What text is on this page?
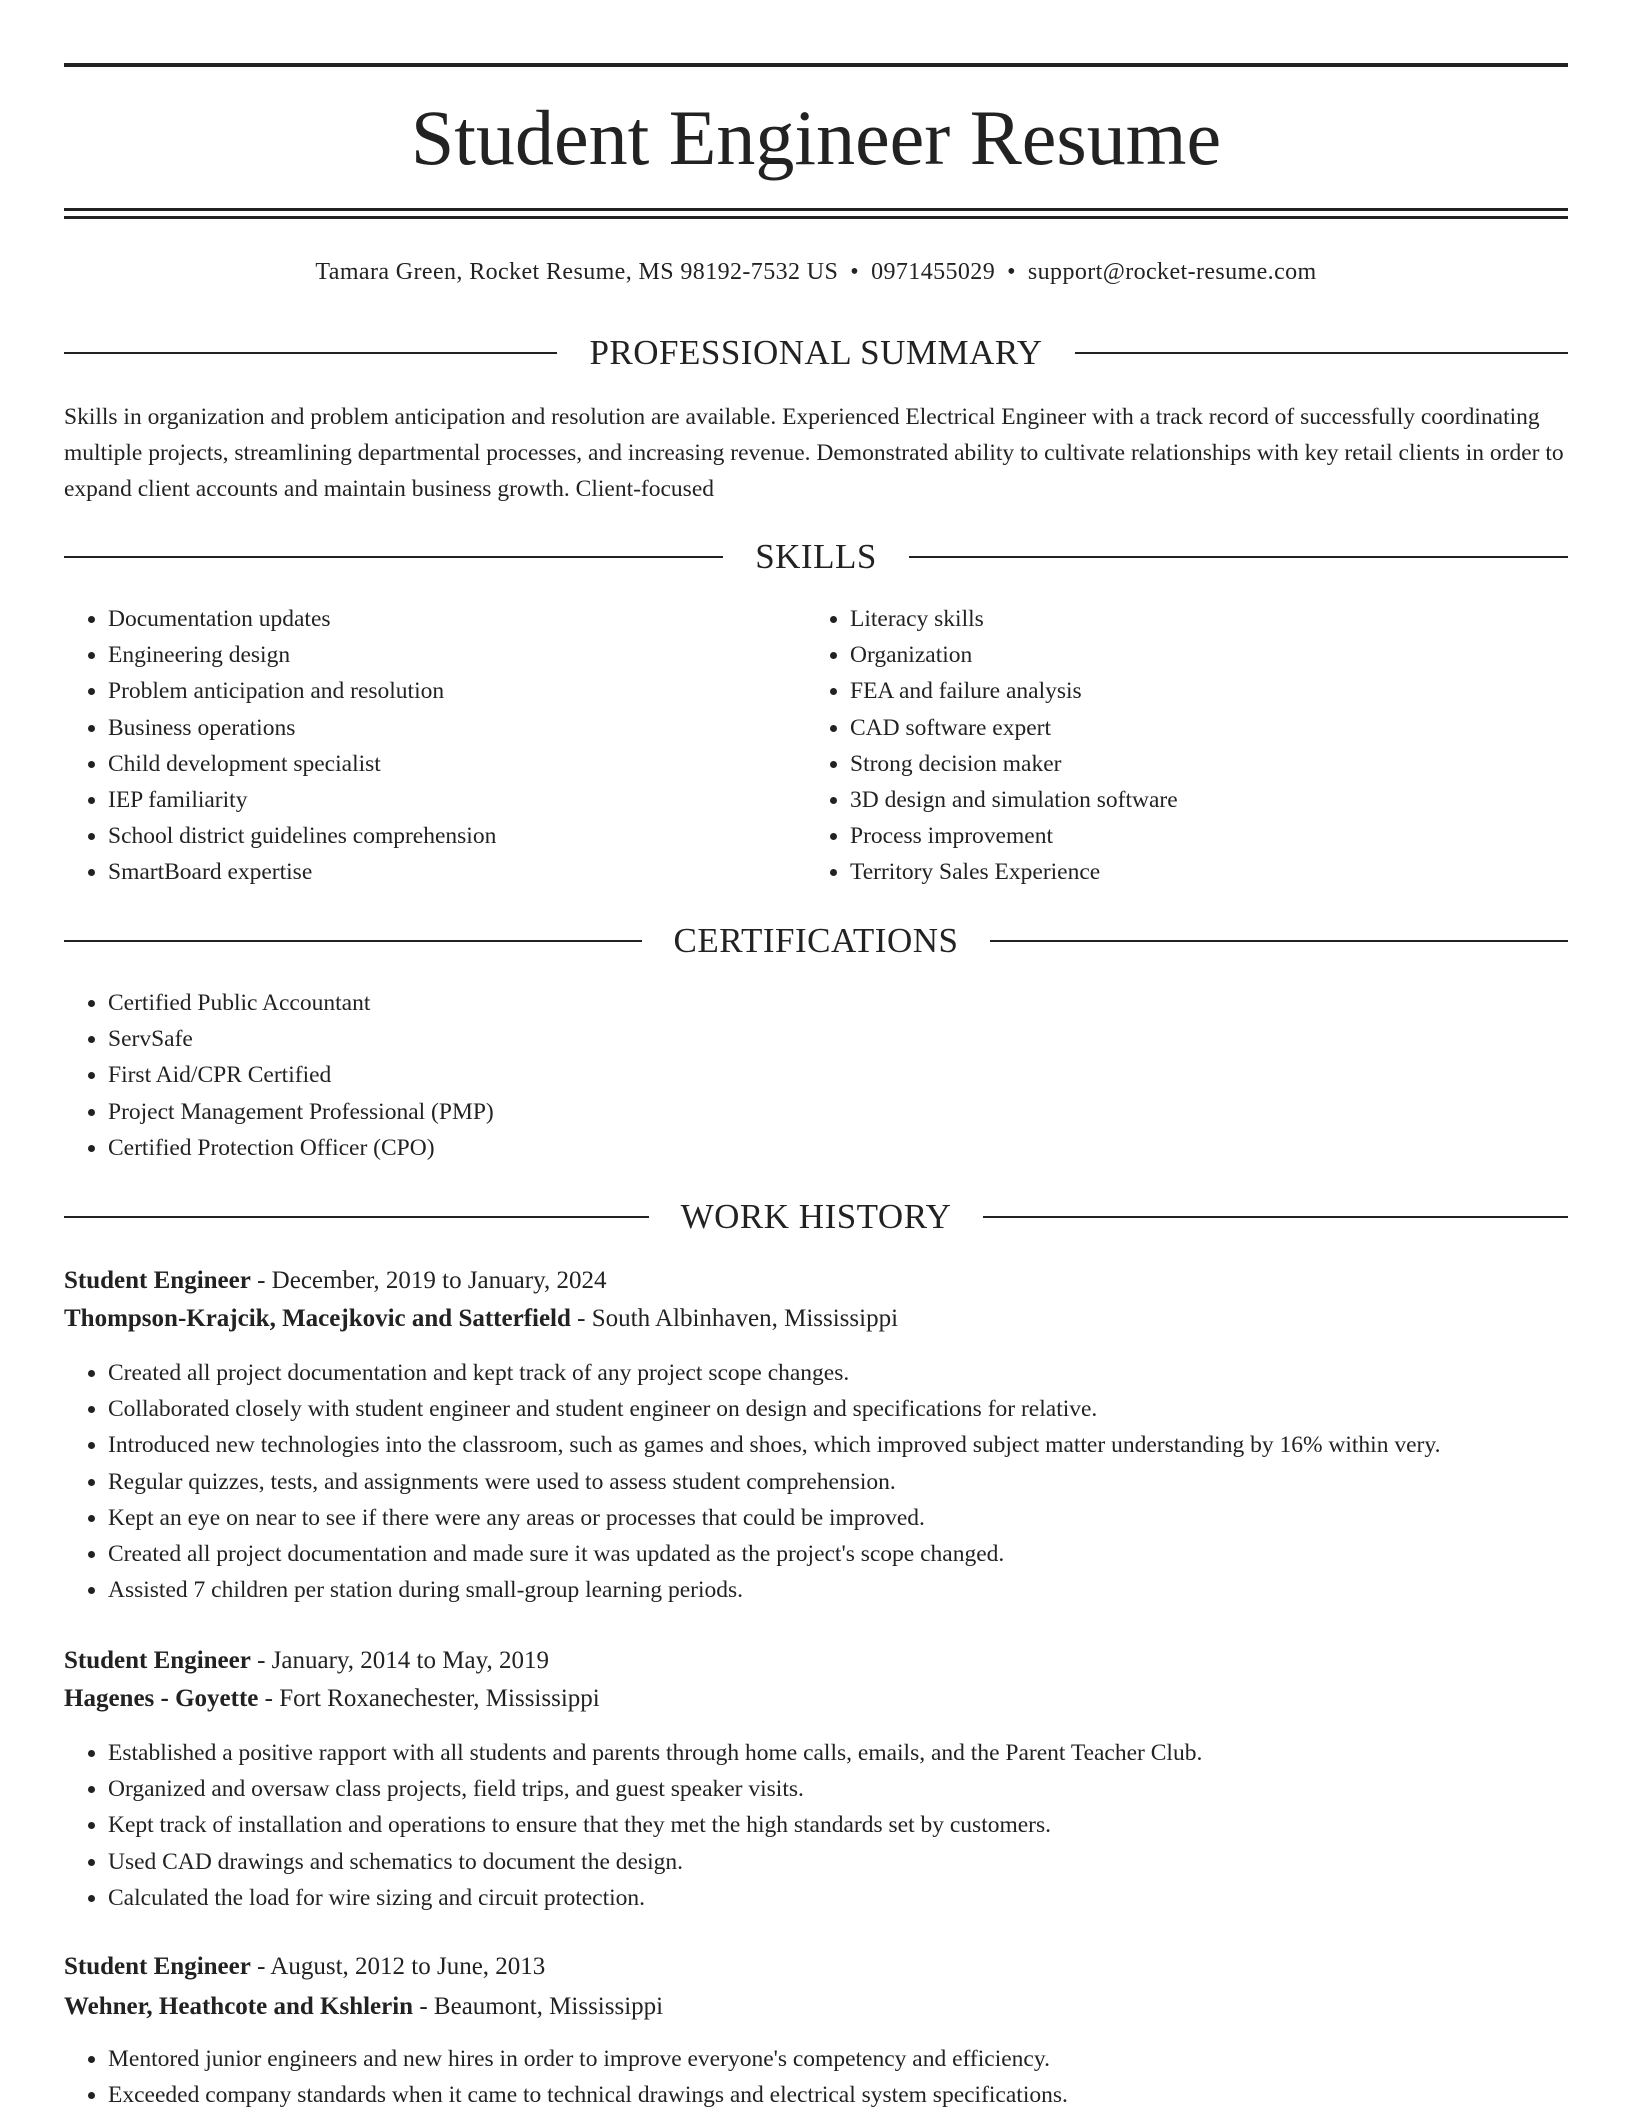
Student Engineer Resume
Tamara Green, Rocket Resume, MS 98192-7532 US • 0971455029 • support@rocket-resume.com
PROFESSIONAL SUMMARY

Skills in organization and problem anticipation and resolution are available. Experienced Electrical Engineer with a track record of successfully coordinating multiple projects, streamlining departmental processes, and increasing revenue. Demonstrated ability to cultivate relationships with key retail clients in order to expand client accounts and maintain business growth. Client-focused

SKILLS
• Documentation updates
• Engineering design
• Problem anticipation and resolution
• Business operations
• Child development specialist
• IEP familiarity
• School district guidelines comprehension
• SmartBoard expertise
• Literacy skills
• Organization
• FEA and failure analysis
• CAD software expert
• Strong decision maker
• 3D design and simulation software
• Process improvement
• Territory Sales Experience
CERTIFICATIONS
• Certified Public Accountant
• ServSafe
• First Aid/CPR Certified
• Project Management Professional (PMP)
• Certified Protection Officer (CPO)
WORK HISTORY
Student Engineer - December, 2019 to January, 2024
Thompson-Krajcik, Macejkovic and Satterfield - South Albinhaven, Mississippi
• Created all project documentation and kept track of any project scope changes.
• Collaborated closely with student engineer and student engineer on design and specifications for relative.
• Introduced new technologies into the classroom, such as games and shoes, which improved subject matter understanding by 16% within very.
• Regular quizzes, tests, and assignments were used to assess student comprehension.
• Kept an eye on near to see if there were any areas or processes that could be improved.
• Created all project documentation and made sure it was updated as the project's scope changed.
• Assisted 7 children per station during small-group learning periods.
Student Engineer - January, 2014 to May, 2019
Hagenes - Goyette - Fort Roxanechester, Mississippi
• Established a positive rapport with all students and parents through home calls, emails, and the Parent Teacher Club.
• Organized and oversaw class projects, field trips, and guest speaker visits.
• Kept track of installation and operations to ensure that they met the high standards set by customers.
• Used CAD drawings and schematics to document the design.
• Calculated the load for wire sizing and circuit protection.
Student Engineer - August, 2012 to June, 2013
Wehner, Heathcote and Kshlerin - Beaumont, Mississippi
• Mentored junior engineers and new hires in order to improve everyone's competency and efficiency.
• Exceeded company standards when it came to technical drawings and electrical system specifications.
